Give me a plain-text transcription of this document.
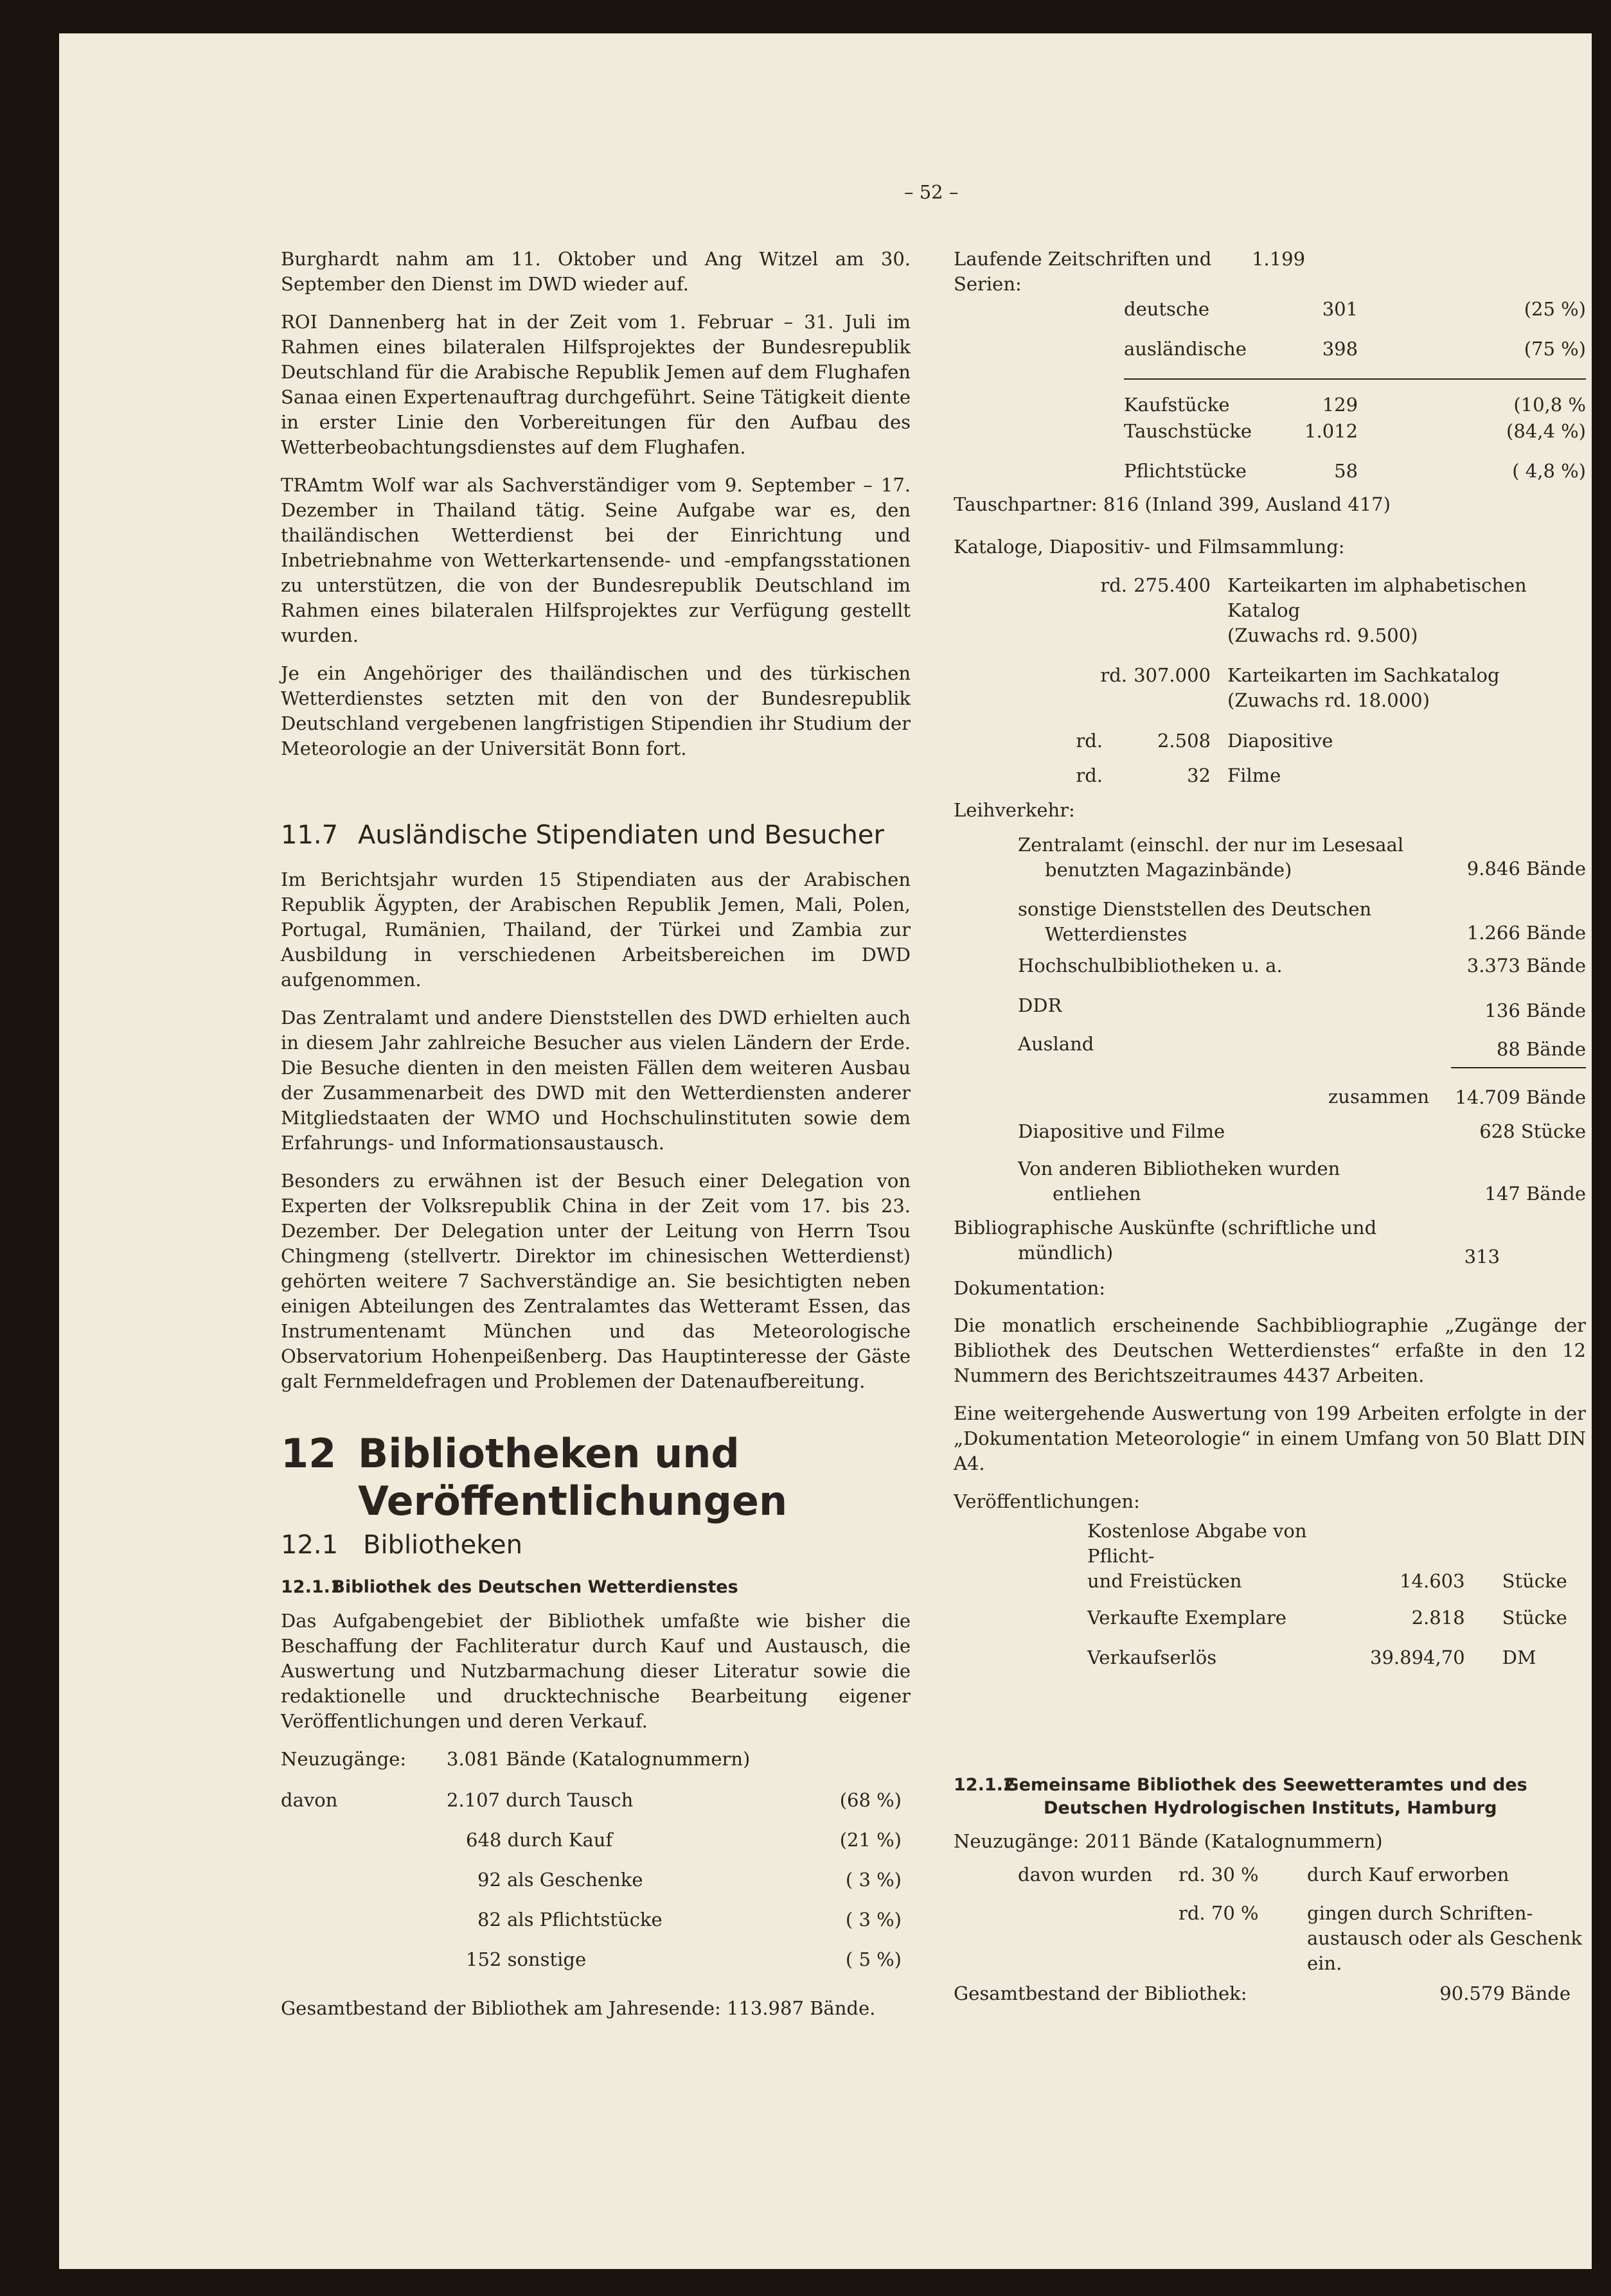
– 52 –

Burghardt nahm am 11. Oktober und Ang Witzel am 30. September den Dienst im DWD wieder auf.

ROI Dannenberg hat in der Zeit vom 1. Februar – 31. Juli im Rahmen eines bilateralen Hilfsprojektes der Bundesrepublik Deutschland für die Arabische Republik Jemen auf dem Flughafen Sanaa einen Expertenauftrag durchgeführt. Seine Tätigkeit diente in erster Linie den Vorbereitungen für den Aufbau des Wetterbeobachtungsdienstes auf dem Flughafen.

TRAmtm Wolf war als Sachverständiger vom 9. September – 17. Dezember in Thailand tätig. Seine Aufgabe war es, den thailändischen Wetterdienst bei der Einrichtung und Inbetriebnahme von Wetterkartensende- und -empfangsstationen zu unterstützen, die von der Bundesrepublik Deutschland im Rahmen eines bilateralen Hilfsprojektes zur Verfügung gestellt wurden.

Je ein Angehöriger des thailändischen und des türkischen Wetterdienstes setzten mit den von der Bundesrepublik Deutschland vergebenen langfristigen Stipendien ihr Studium der Meteorologie an der Universität Bonn fort.

11.7 Ausländische Stipendiaten und Besucher

Im Berichtsjahr wurden 15 Stipendiaten aus der Arabischen Republik Ägypten, der Arabischen Republik Jemen, Mali, Polen, Portugal, Rumänien, Thailand, der Türkei und Zambia zur Ausbildung in verschiedenen Arbeitsbereichen im DWD aufgenommen.

Das Zentralamt und andere Dienststellen des DWD erhielten auch in diesem Jahr zahlreiche Besucher aus vielen Ländern der Erde. Die Besuche dienten in den meisten Fällen dem weiteren Ausbau der Zusammenarbeit des DWD mit den Wetterdiensten anderer Mitgliedstaaten der WMO und Hochschulinstituten sowie dem Erfahrungs- und Informationsaustausch.

Besonders zu erwähnen ist der Besuch einer Delegation von Experten der Volksrepublik China in der Zeit vom 17. bis 23. Dezember. Der Delegation unter der Leitung von Herrn Tsou Chingmeng (stellvertr. Direktor im chinesischen Wetterdienst) gehörten weitere 7 Sachverständige an. Sie besichtigten neben einigen Abteilungen des Zentralamtes das Wetteramt Essen, das Instrumentenamt München und das Meteorologische Observatorium Hohenpeißenberg. Das Hauptinteresse der Gäste galt Fernmeldefragen und Problemen der Datenaufbereitung.

12 Bibliotheken und
Veröffentlichungen
12.1 Bibliotheken
12.1.1 Bibliothek des Deutschen Wetterdienstes

Das Aufgabengebiet der Bibliothek umfaßte wie bisher die Beschaffung der Fachliteratur durch Kauf und Austausch, die Auswertung und Nutzbarmachung dieser Literatur sowie die redaktionelle und drucktechnische Bearbeitung eigener Veröffentlichungen und deren Verkauf.

Neuzugänge:	3.081 Bände (Katalognummern)	
davon	2.107 durch Tausch	(68 %)
	648 durch Kauf	(21 %)
	92 als Geschenke	( 3 %)
	82 als Pflichtstücke	( 3 %)
	152 sonstige	( 5 %)
Gesamtbestand der Bibliothek am Jahresende: 113.987 Bände.
Laufende Zeitschriften und Serien:		1.199	
	deutsche	301	(25 %)
	ausländische	398	(75 %)
	Kaufstücke	129	(10,8 %
	Tauschstücke	1.012	(84,4 %)
	Pflichtstücke	58	( 4,8 %)
Tauschpartner: 816 (Inland 399, Ausland 417)
Kataloge, Diapositiv- und Filmsammlung:
rd.	275.400	Karteikarten im alphabetischen
Katalog
(Zuwachs rd. 9.500)

rd.	307.000	Karteikarten im Sachkatalog
(Zuwachs rd. 18.000)

rd.	2.508	Diapositive
rd.	32	Filme
Leihverkehr:

	Zentralamt (einschl. der nur im Lesesaal
benutzten Magazinbände)	9.846 Bände

	sonstige Dienststellen des Deutschen
Wetterdienstes	1.266 Bände
	Hochschulbibliotheken u. a.	3.373 Bände
	DDR	136 Bände
	Ausland	88 Bände
	zusammen	14.709 Bände
	Diapositive und Filme	628 Stücke

	Von anderen Bibliotheken wurden
entliehen	147 Bände
Bibliographische Auskünfte (schriftliche und
mündlich)	313
Dokumentation:

Die monatlich erscheinende Sachbibliographie „Zugänge der Bibliothek des Deutschen Wetterdienstes“ erfaßte in den 12 Nummern des Berichtszeitraumes 4437 Arbeiten.

Eine weitergehende Auswertung von 199 Arbeiten erfolgte in der „Dokumentation Meteorologie“ in einem Umfang von 50 Blatt DIN A4.

Veröffentlichungen:

	Kostenlose Abgabe von Pflicht-
und Freistücken	14.603	Stücke
	Verkaufte Exemplare	2.818	Stücke
	Verkaufserlös	39.894,70	DM
12.1.2 Gemeinsame Bibliothek des Seewetteramtes und des
Deutschen Hydrologischen Instituts, Hamburg
Neuzugänge: 2011 Bände (Katalognummern)
davon wurden	rd. 30 %	durch Kauf erworben
	rd. 70 %	gingen durch Schriften-
austausch oder als Geschenk
ein.
Gesamtbestand der Bibliothek:	90.579 Bände
